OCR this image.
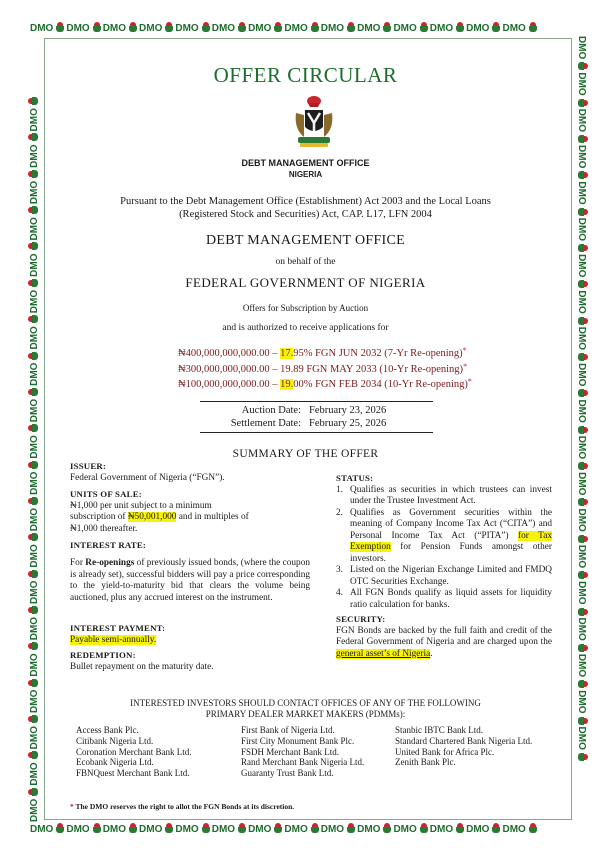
DMO DMO DMO DMO DMO DMO DMO DMO DMO DMO DMO DMO DMO DMO
DMO DMO DMO DMO DMO DMO DMO DMO DMO DMO DMO DMO DMO DMO
DMODMODMODMODMODMODMODMODMODMODMODMODMODMODMODMODMODMODMODMO
DMODMODMODMODMODMODMODMODMODMODMODMODMODMODMODMODMODMODMODMO
OFFER CIRCULAR
DEBT MANAGEMENT OFFICE
NIGERIA
Pursuant to the Debt Management Office (Establishment) Act 2003 and the Local Loans
(Registered Stock and Securities) Act, CAP. L17, LFN 2004
DEBT MANAGEMENT OFFICE
on behalf of the
FEDERAL GOVERNMENT OF NIGERIA
Offers for Subscription by Auction
and is authorized to receive applications for
₦400,000,000,000.00 – 17.95% FGN JUN 2032 (7-Yr Re-opening)*
₦300,000,000,000.00 – 19.89 FGN MAY 2033 (10-Yr Re-opening)*
₦100,000,000,000.00 – 19.00% FGN FEB 2034 (10-Yr Re-opening)*
Auction Date: February 23, 2026
Settlement Date: February 25, 2026
SUMMARY OF THE OFFER
ISSUER:
Federal Government of Nigeria (“FGN”).
UNITS OF SALE:
₦1,000 per unit subject to a minimum
subscription of ₦50,001,000 and in multiples of
₦1,000 thereafter.
INTEREST RATE:
For Re-openings of previously issued bonds, (where the coupon is already set), successful bidders will pay a price corresponding to the yield-to-maturity bid that clears the volume being auctioned, plus any accrued interest on the instrument.
INTEREST PAYMENT:
Payable semi-annually.
REDEMPTION:
Bullet repayment on the maturity date.
STATUS:
1. Qualifies as securities in which trustees can invest under the Trustee Investment Act.
2. Qualifies as Government securities within the meaning of Company Income Tax Act (“CITA”) and Personal Income Tax Act (“PITA”) for Tax Exemption for Pension Funds amongst other investors.
3. Listed on the Nigerian Exchange Limited and FMDQ OTC Securities Exchange.
4. All FGN Bonds qualify as liquid assets for liquidity ratio calculation for banks.
SECURITY:
FGN Bonds are backed by the full faith and credit of the Federal Government of Nigeria and are charged upon the general asset’s of Nigeria.
INTERESTED INVESTORS SHOULD CONTACT OFFICES OF ANY OF THE FOLLOWING
PRIMARY DEALER MARKET MAKERS (PDMMs):
Access Bank Plc.
Citibank Nigeria Ltd.
Coronation Merchant Bank Ltd.
Ecobank Nigeria Ltd.
FBNQuest Merchant Bank Ltd.
First Bank of Nigeria Ltd.
First City Monument Bank Plc.
FSDH Merchant Bank Ltd.
Rand Merchant Bank Nigeria Ltd.
Guaranty Trust Bank Ltd.
Stanbic IBTC Bank Ltd.
Standard Chartered Bank Nigeria Ltd.
United Bank for Africa Plc.
Zenith Bank Plc.
* The DMO reserves the right to allot the FGN Bonds at its discretion.
